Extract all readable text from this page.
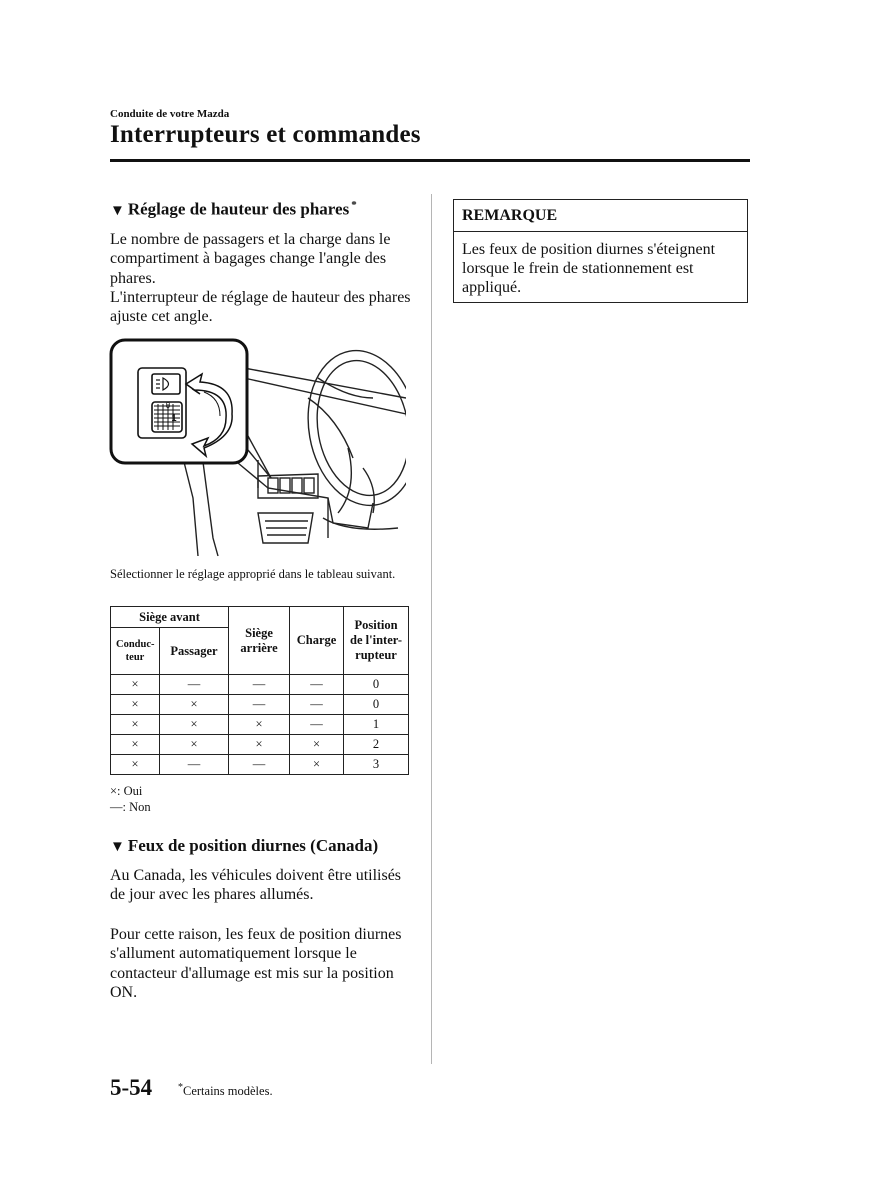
Conduite de votre Mazda
Interrupteurs et commandes
▼ Réglage de hauteur des phares *
Le nombre de passagers et la charge dans le compartiment à bagages change l'angle des phares.
L'interrupteur de réglage de hauteur des phares ajuste cet angle.
0
1
Sélectionner le réglage approprié dans le tableau suivant.
Siège avant		Siège arrière	Charge	Position de l'inter-rupteur
Conduc-teur	Passager			
×	—	—	—	0
×	×	—	—	0
×	×	×	—	1
×	×	×	×	2
×	—	—	×	3
×: Oui
—: Non
▼ Feux de position diurnes (Canada)
Au Canada, les véhicules doivent être utilisés de jour avec les phares allumés.
Pour cette raison, les feux de position diurnes s'allument automatiquement lorsque le contacteur d'allumage est mis sur la position ON.
REMARQUE
Les feux de position diurnes s'éteignent lorsque le frein de stationnement est appliqué.
5-54	*Certains modèles.
